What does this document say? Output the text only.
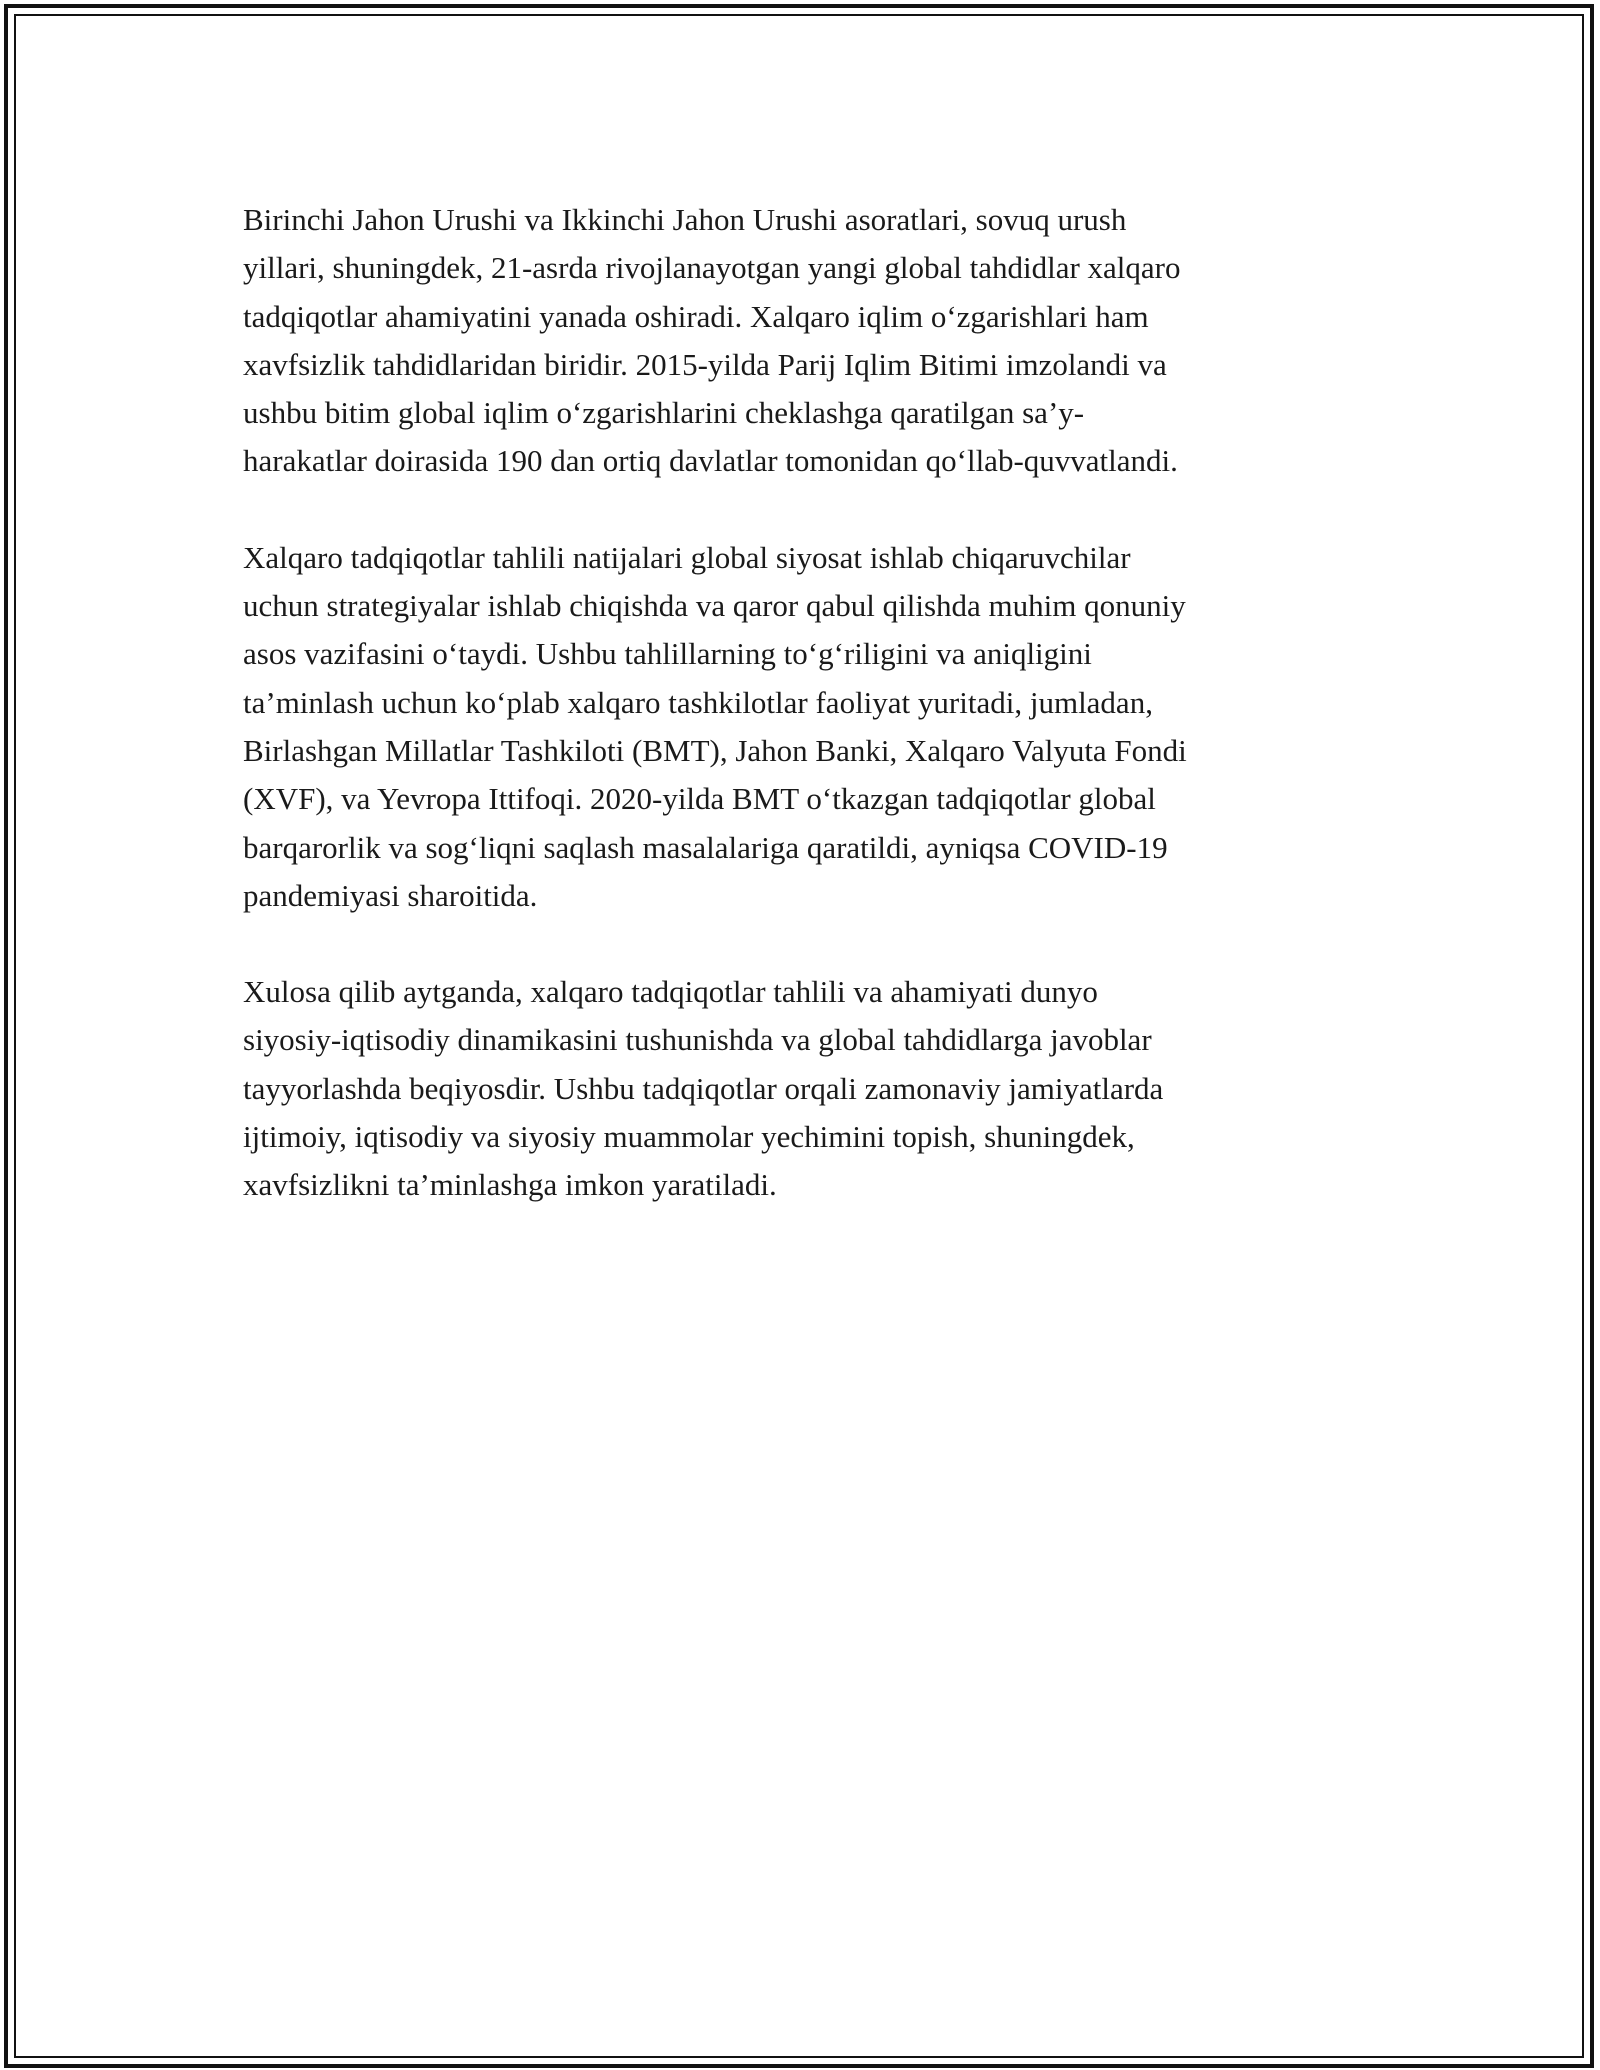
Birinchi Jahon Urushi va Ikkinchi Jahon Urushi asoratlari, sovuq urush
yillari, shuningdek, 21-asrda rivojlanayotgan yangi global tahdidlar xalqaro
tadqiqotlar ahamiyatini yanada oshiradi. Xalqaro iqlim o‘zgarishlari ham
xavfsizlik tahdidlaridan biridir. 2015-yilda Parij Iqlim Bitimi imzolandi va
ushbu bitim global iqlim o‘zgarishlarini cheklashga qaratilgan sa’y-
harakatlar doirasida 190 dan ortiq davlatlar tomonidan qo‘llab-quvvatlandi.

Xalqaro tadqiqotlar tahlili natijalari global siyosat ishlab chiqaruvchilar
uchun strategiyalar ishlab chiqishda va qaror qabul qilishda muhim qonuniy
asos vazifasini o‘taydi. Ushbu tahlillarning to‘g‘riligini va aniqligini
ta’minlash uchun ko‘plab xalqaro tashkilotlar faoliyat yuritadi, jumladan,
Birlashgan Millatlar Tashkiloti (BMT), Jahon Banki, Xalqaro Valyuta Fondi
(XVF), va Yevropa Ittifoqi. 2020-yilda BMT o‘tkazgan tadqiqotlar global
barqarorlik va sog‘liqni saqlash masalalariga qaratildi, ayniqsa COVID-19
pandemiyasi sharoitida.

Xulosa qilib aytganda, xalqaro tadqiqotlar tahlili va ahamiyati dunyo
siyosiy-iqtisodiy dinamikasini tushunishda va global tahdidlarga javoblar
tayyorlashda beqiyosdir. Ushbu tadqiqotlar orqali zamonaviy jamiyatlarda
ijtimoiy, iqtisodiy va siyosiy muammolar yechimini topish, shuningdek,
xavfsizlikni ta’minlashga imkon yaratiladi.
